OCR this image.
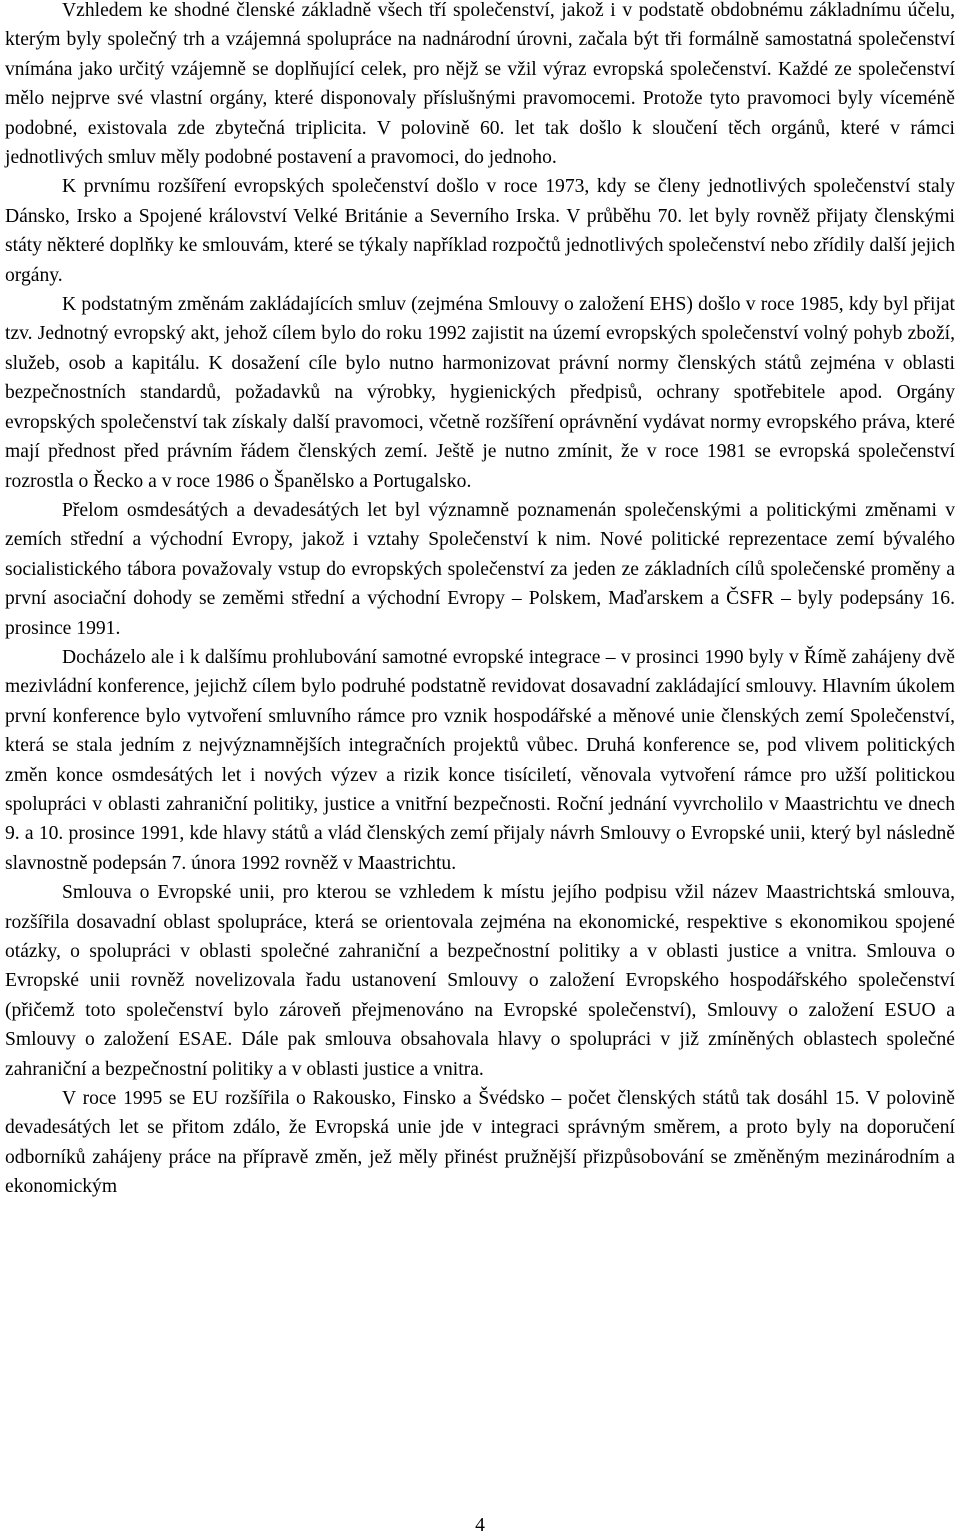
Vzhledem ke shodné členské základně všech tří společenství, jakož i v podstatě obdobnému základnímu účelu, kterým byly společný trh a vzájemná spolupráce na nadnárodní úrovni, začala být tři formálně samostatná společenství vnímána jako určitý vzájemně se doplňující celek, pro nějž se vžil výraz evropská společenství. Každé ze společenství mělo nejprve své vlastní orgány, které disponovaly příslušnými pravomocemi. Protože tyto pravomoci byly víceméně podobné, existovala zde zbytečná triplicita. V polovině 60. let tak došlo k sloučení těch orgánů, které v rámci jednotlivých smluv měly podobné postavení a pravomoci, do jednoho.

K prvnímu rozšíření evropských společenství došlo v roce 1973, kdy se členy jednotlivých společenství staly Dánsko, Irsko a Spojené království Velké Británie a Severního Irska. V průběhu 70. let byly rovněž přijaty členskými státy některé doplňky ke smlouvám, které se týkaly například rozpočtů jednotlivých společenství nebo zřídily další jejich orgány.

K podstatným změnám zakládajících smluv (zejména Smlouvy o založení EHS) došlo v roce 1985, kdy byl přijat tzv. Jednotný evropský akt, jehož cílem bylo do roku 1992 zajistit na území evropských společenství volný pohyb zboží, služeb, osob a kapitálu. K dosažení cíle bylo nutno harmonizovat právní normy členských států zejména v oblasti bezpečnostních standardů, požadavků na výrobky, hygienických předpisů, ochrany spotřebitele apod. Orgány evropských společenství tak získaly další pravomoci, včetně rozšíření oprávnění vydávat normy evropského práva, které mají přednost před právním řádem členských zemí. Ještě je nutno zmínit, že v roce 1981 se evropská společenství rozrostla o Řecko a v roce 1986 o Španělsko a Portugalsko.

Přelom osmdesátých a devadesátých let byl významně poznamenán společenskými a politickými změnami v zemích střední a východní Evropy, jakož i vztahy Společenství k nim. Nové politické reprezentace zemí bývalého socialistického tábora považovaly vstup do evropských společenství za jeden ze základních cílů společenské proměny a první asociační dohody se zeměmi střední a východní Evropy – Polskem, Maďarskem a ČSFR – byly podepsány 16. prosince 1991.

Docházelo ale i k dalšímu prohlubování samotné evropské integrace – v prosinci 1990 byly v Římě zahájeny dvě mezivládní konference, jejichž cílem bylo podruhé podstatně revidovat dosavadní zakládající smlouvy. Hlavním úkolem první konference bylo vytvoření smluvního rámce pro vznik hospodářské a měnové unie členských zemí Společenství, která se stala jedním z nejvýznamnějších integračních projektů vůbec. Druhá konference se, pod vlivem politických změn konce osmdesátých let i nových výzev a rizik konce tisíciletí, věnovala vytvoření rámce pro užší politickou spolupráci v oblasti zahraniční politiky, justice a vnitřní bezpečnosti. Roční jednání vyvrcholilo v Maastrichtu ve dnech 9. a 10. prosince 1991, kde hlavy států a vlád členských zemí přijaly návrh Smlouvy o Evropské unii, který byl následně slavnostně podepsán 7. února 1992 rovněž v Maastrichtu.

Smlouva o Evropské unii, pro kterou se vzhledem k místu jejího podpisu vžil název Maastrichtská smlouva, rozšířila dosavadní oblast spolupráce, která se orientovala zejména na ekonomické, respektive s ekonomikou spojené otázky, o spolupráci v oblasti společné zahraniční a bezpečnostní politiky a v oblasti justice a vnitra. Smlouva o Evropské unii rovněž novelizovala řadu ustanovení Smlouvy o založení Evropského hospodářského společenství (přičemž toto společenství bylo zároveň přejmenováno na Evropské společenství), Smlouvy o založení ESUO a Smlouvy o založení ESAE. Dále pak smlouva obsahovala hlavy o spolupráci v již zmíněných oblastech společné zahraniční a bezpečnostní politiky a v oblasti justice a vnitra.

V roce 1995 se EU rozšířila o Rakousko, Finsko a Švédsko – počet členských států tak dosáhl 15. V polovině devadesátých let se přitom zdálo, že Evropská unie jde v integraci správným směrem, a proto byly na doporučení odborníků zahájeny práce na přípravě změn, jež měly přinést pružnější přizpůsobování se změněným mezinárodním a ekonomickým

4
